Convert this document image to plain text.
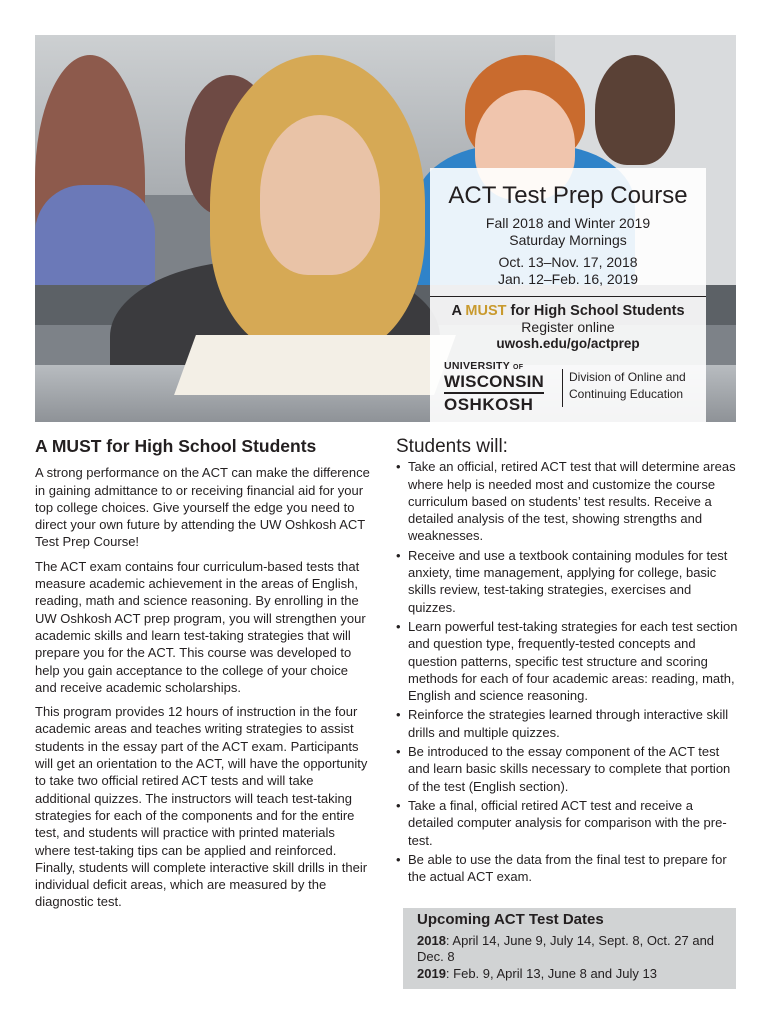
ACT Test Prep Course
Fall 2018 and Winter 2019
Saturday Mornings
Oct. 13–Nov. 17, 2018
Jan. 12–Feb. 16, 2019
A MUST for High School Students
Register online
uwosh.edu/go/actprep
UNIVERSITY OF
WISCONSIN
OSHKOSH
Division of Online and
Continuing Education
A MUST for High School Students

A strong performance on the ACT can make the difference in gaining admittance to or receiving financial aid for your top college choices. Give yourself the edge you need to direct your own future by attending the UW Oshkosh ACT Test Prep Course!

The ACT exam contains four curriculum-based tests that measure academic achievement in the areas of English, reading, math and science reasoning. By enrolling in the UW Oshkosh ACT prep program, you will strengthen your academic skills and learn test-taking strategies that will prepare you for the ACT. This course was developed to help you gain acceptance to the college of your choice and receive academic scholarships.

This program provides 12 hours of instruction in the four academic areas and teaches writing strategies to assist students in the essay part of the ACT exam. Participants will get an orientation to the ACT, will have the opportunity to take two official retired ACT tests and will take additional quizzes. The instructors will teach test-taking strategies for each of the components and for the entire test, and students will practice with printed materials where test-taking tips can be applied and reinforced. Finally, students will complete interactive skill drills in their individual deficit areas, which are measured by the diagnostic test.

Students will:
• Take an official, retired ACT test that will determine areas where help is needed most and customize the course curriculum based on students’ test results. Receive a detailed analysis of the test, showing strengths and weaknesses.
• Receive and use a textbook containing modules for test anxiety, time management, applying for college, basic skills review, test-taking strategies, exercises and quizzes.
• Learn powerful test-taking strategies for each test section and question type, frequently-tested concepts and question patterns, specific test structure and scoring methods for each of four academic areas: reading, math, English and science reasoning.
• Reinforce the strategies learned through interactive skill drills and multiple quizzes.
• Be introduced to the essay component of the ACT test and learn basic skills necessary to complete that portion of the test (English section).
• Take a final, official retired ACT test and receive a detailed computer analysis for comparison with the pre-test.
• Be able to use the data from the final test to prepare for the actual ACT exam.
Upcoming ACT Test Dates
2018: April 14, June 9, July 14, Sept. 8, Oct. 27 and Dec. 8
2019: Feb. 9, April 13, June 8 and July 13
